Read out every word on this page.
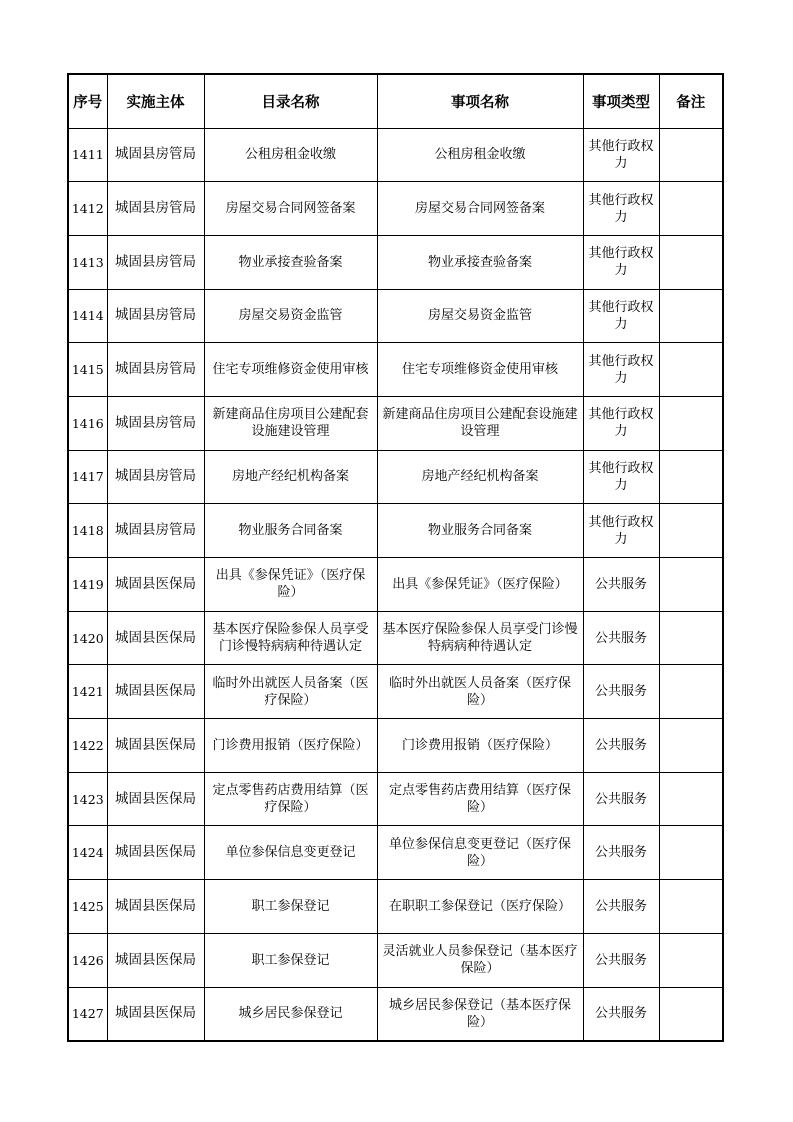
序号	实施主体	目录名称	事项名称	事项类型	备注
1411	城固县房管局	公租房租金收缴	公租房租金收缴	其他行政权力	
1412	城固县房管局	房屋交易合同网签备案	房屋交易合同网签备案	其他行政权力	
1413	城固县房管局	物业承接查验备案	物业承接查验备案	其他行政权力	
1414	城固县房管局	房屋交易资金监管	房屋交易资金监管	其他行政权力	
1415	城固县房管局	住宅专项维修资金使用审核	住宅专项维修资金使用审核	其他行政权力	
1416	城固县房管局	新建商品住房项目公建配套设施建设管理	新建商品住房项目公建配套设施建设管理	其他行政权力	
1417	城固县房管局	房地产经纪机构备案	房地产经纪机构备案	其他行政权力	
1418	城固县房管局	物业服务合同备案	物业服务合同备案	其他行政权力	
1419	城固县医保局	出具《参保凭证》（医疗保险）	出具《参保凭证》（医疗保险）	公共服务	
1420	城固县医保局	基本医疗保险参保人员享受门诊慢特病病种待遇认定	基本医疗保险参保人员享受门诊慢特病病种待遇认定	公共服务	
1421	城固县医保局	临时外出就医人员备案（医疗保险）	临时外出就医人员备案（医疗保险）	公共服务	
1422	城固县医保局	门诊费用报销（医疗保险）	门诊费用报销（医疗保险）	公共服务	
1423	城固县医保局	定点零售药店费用结算（医疗保险）	定点零售药店费用结算（医疗保险）	公共服务	
1424	城固县医保局	单位参保信息变更登记	单位参保信息变更登记（医疗保险）	公共服务	
1425	城固县医保局	职工参保登记	在职职工参保登记（医疗保险）	公共服务	
1426	城固县医保局	职工参保登记	灵活就业人员参保登记（基本医疗保险）	公共服务	
1427	城固县医保局	城乡居民参保登记	城乡居民参保登记（基本医疗保险）	公共服务	
